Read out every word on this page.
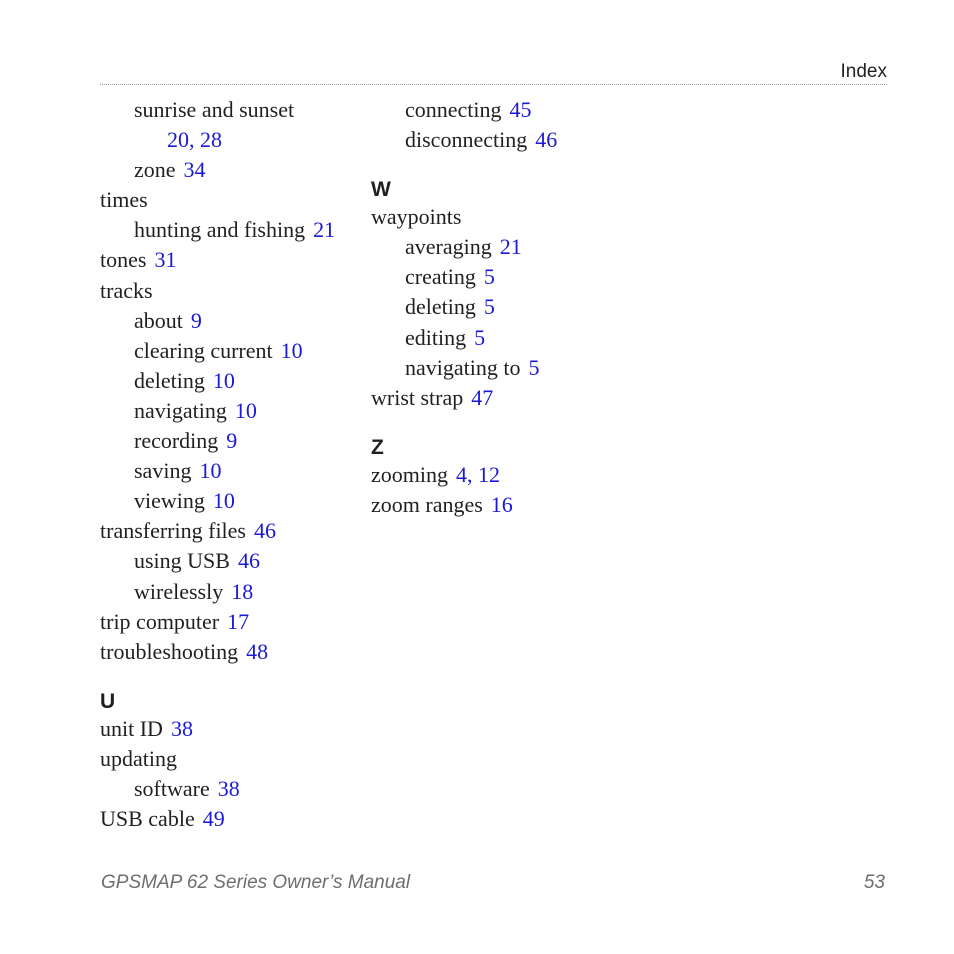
Index
sunrise and sunset
20, 28
zone 34
times
hunting and fishing 21
tones 31
tracks
about 9
clearing current 10
deleting 10
navigating 10
recording 9
saving 10
viewing 10
transferring files 46
using USB 46
wirelessly 18
trip computer 17
troubleshooting 48
U
unit ID 38
updating
software 38
USB cable 49
connecting 45
disconnecting 46
W
waypoints
averaging 21
creating 5
deleting 5
editing 5
navigating to 5
wrist strap 47
Z
zooming 4, 12
zoom ranges 16
GPSMAP 62 Series Owner’s Manual	53
